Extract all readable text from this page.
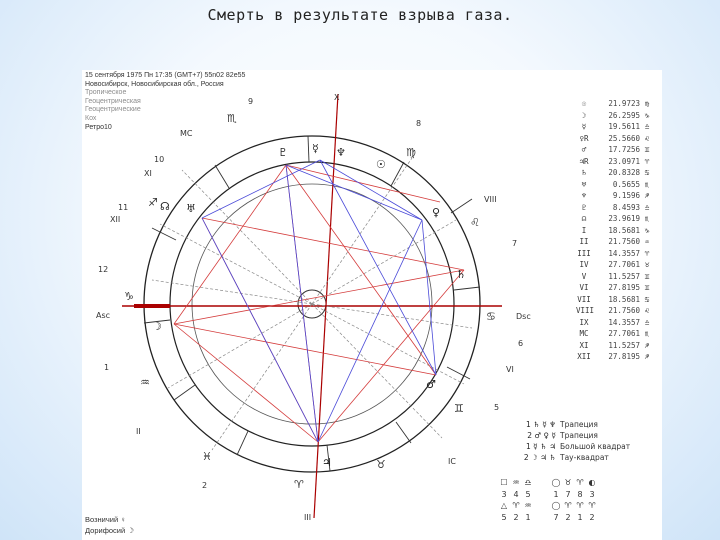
Смерть в результате взрыва газа.
15 сентября 1975 Пн 17:35 (GMT+7) 55n02 82e55
Новосибирск, Новосибирская обл., Россия
Тропическое
Геоцентрическая
Геоцентрические
Кох
Ретро10
Asc	Dsc
MC
IC
9
8
7
6
5
10
11
12
1
2
X
VIII
VI
XI
XII
II
III
♏
♍
♌
♋
♊
♉
♈
♓
♒
♑
♐
♇ ☿ ♆
☉
♀
♄
♂
♃
☽
♅
☊
☉	21.9723 ♍
☽	26.2595 ♑
☿	19.5611 ♎
♀R	25.5660 ♌
♂	17.7256 ♊
♃R	23.0971 ♈
♄	20.8328 ♋
♅	0.5655 ♏
♆	9.1596 ♐
♇	8.4593 ♎
☊	23.9619 ♏
I	18.5681 ♑
II	21.7560 ♒
III	14.3557 ♈
IV	27.7061 ♉
V	11.5257 ♊
VI	27.8195 ♊
VII	18.5681 ♋
VIII	21.7560 ♌
IX	14.3557 ♎
MC	27.7061 ♏
XI	11.5257 ♐
XII	27.8195 ♐
1 ♄ ☿ ♆ Трапеция
2 ♂ ♀ ☿ Трапеция
1 ☿ ♄ ♃ Большой квадрат
2 ☽ ♃ ♄ Тау-квадрат
☐ ♒ ♎	◯ ♉ ♈ ◐
3 4 5	1 7 8 3
△ ♈ ♒	◯ ♈ ♈ ♈
5 2 1	7 2 1 2
Возничий ♀
Дорифосий ☽
